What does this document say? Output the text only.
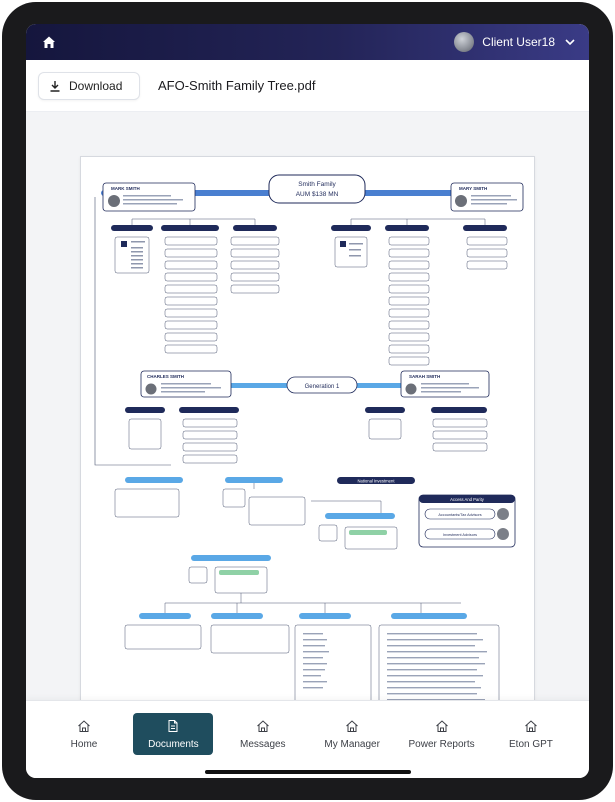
Client User18
Download	AFO-Smith Family Tree.pdf
Smith Family
AUM $138 MN
MARK SMITH	MARY SMITH
Generation 1
CHARLES SMITH	SARAH SMITH
National Investment
Access And Parity
Accountants/Tax Advisors
Investment Advisors
Home	Documents	Messages	My Manager	Power Reports	Eton GPT
